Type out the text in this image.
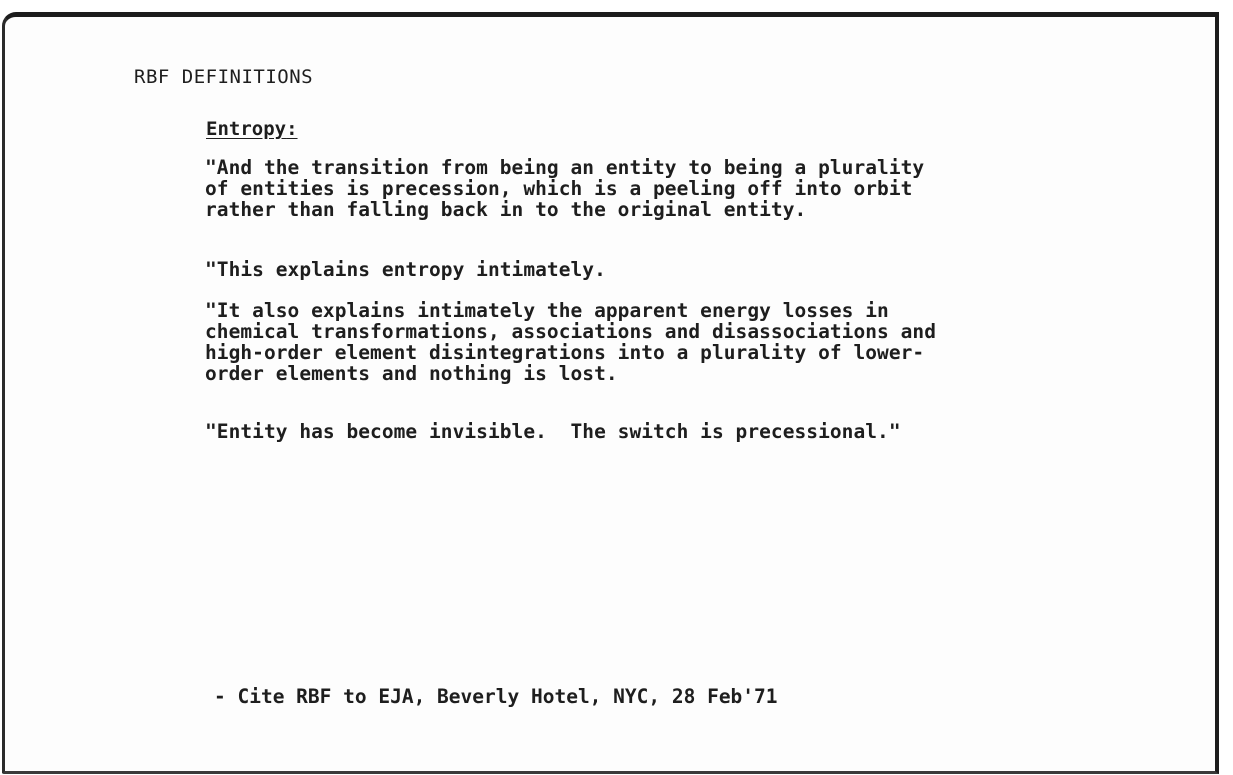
RBF DEFINITIONS
Entropy:

"And the transition from being an entity to being a plurality
of entities is precession, which is a peeling off into orbit
rather than falling back in to the original entity.

"This explains entropy intimately.

"It also explains intimately the apparent energy losses in
chemical transformations, associations and disassociations and
high-order element disintegrations into a plurality of lower-
order elements and nothing is lost.

"Entity has become invisible.  The switch is precessional."

- Cite RBF to EJA, Beverly Hotel, NYC, 28 Feb'71
